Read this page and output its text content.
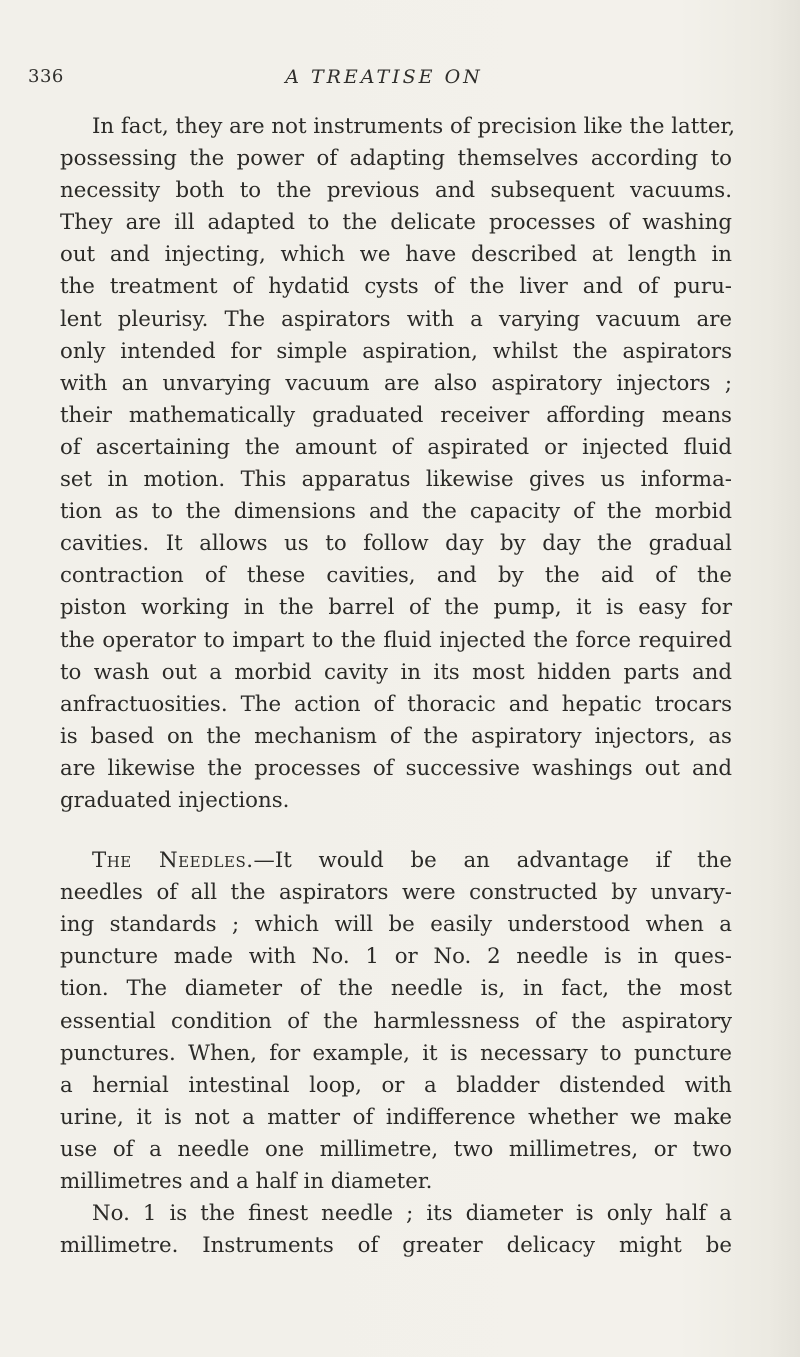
336	A TREATISE ON
In fact, they are not instruments of precision like the latter,
possessing the power of adapting themselves according to
necessity both to the previous and subsequent vacuums.
They are ill adapted to the delicate processes of washing
out and injecting, which we have described at length in
the treatment of hydatid cysts of the liver and of puru-
lent pleurisy. The aspirators with a varying vacuum are
only intended for simple aspiration, whilst the aspirators
with an unvarying vacuum are also aspiratory injectors ;
their mathematically graduated receiver affording means
of ascertaining the amount of aspirated or injected fluid
set in motion. This apparatus likewise gives us informa-
tion as to the dimensions and the capacity of the morbid
cavities. It allows us to follow day by day the gradual
contraction of these cavities, and by the aid of the
piston working in the barrel of the pump, it is easy for
the operator to impart to the fluid injected the force required
to wash out a morbid cavity in its most hidden parts and
anfractuosities. The action of thoracic and hepatic trocars
is based on the mechanism of the aspiratory injectors, as
are likewise the processes of successive washings out and
graduated injections.
The Needles.—It would be an advantage if the
needles of all the aspirators were constructed by unvary-
ing standards ; which will be easily understood when a
puncture made with No. 1 or No. 2 needle is in ques-
tion. The diameter of the needle is, in fact, the most
essential condition of the harmlessness of the aspiratory
punctures. When, for example, it is necessary to puncture
a hernial intestinal loop, or a bladder distended with
urine, it is not a matter of indifference whether we make
use of a needle one millimetre, two millimetres, or two
millimetres and a half in diameter.
No. 1 is the finest needle ; its diameter is only half a
millimetre. Instruments of greater delicacy might be
